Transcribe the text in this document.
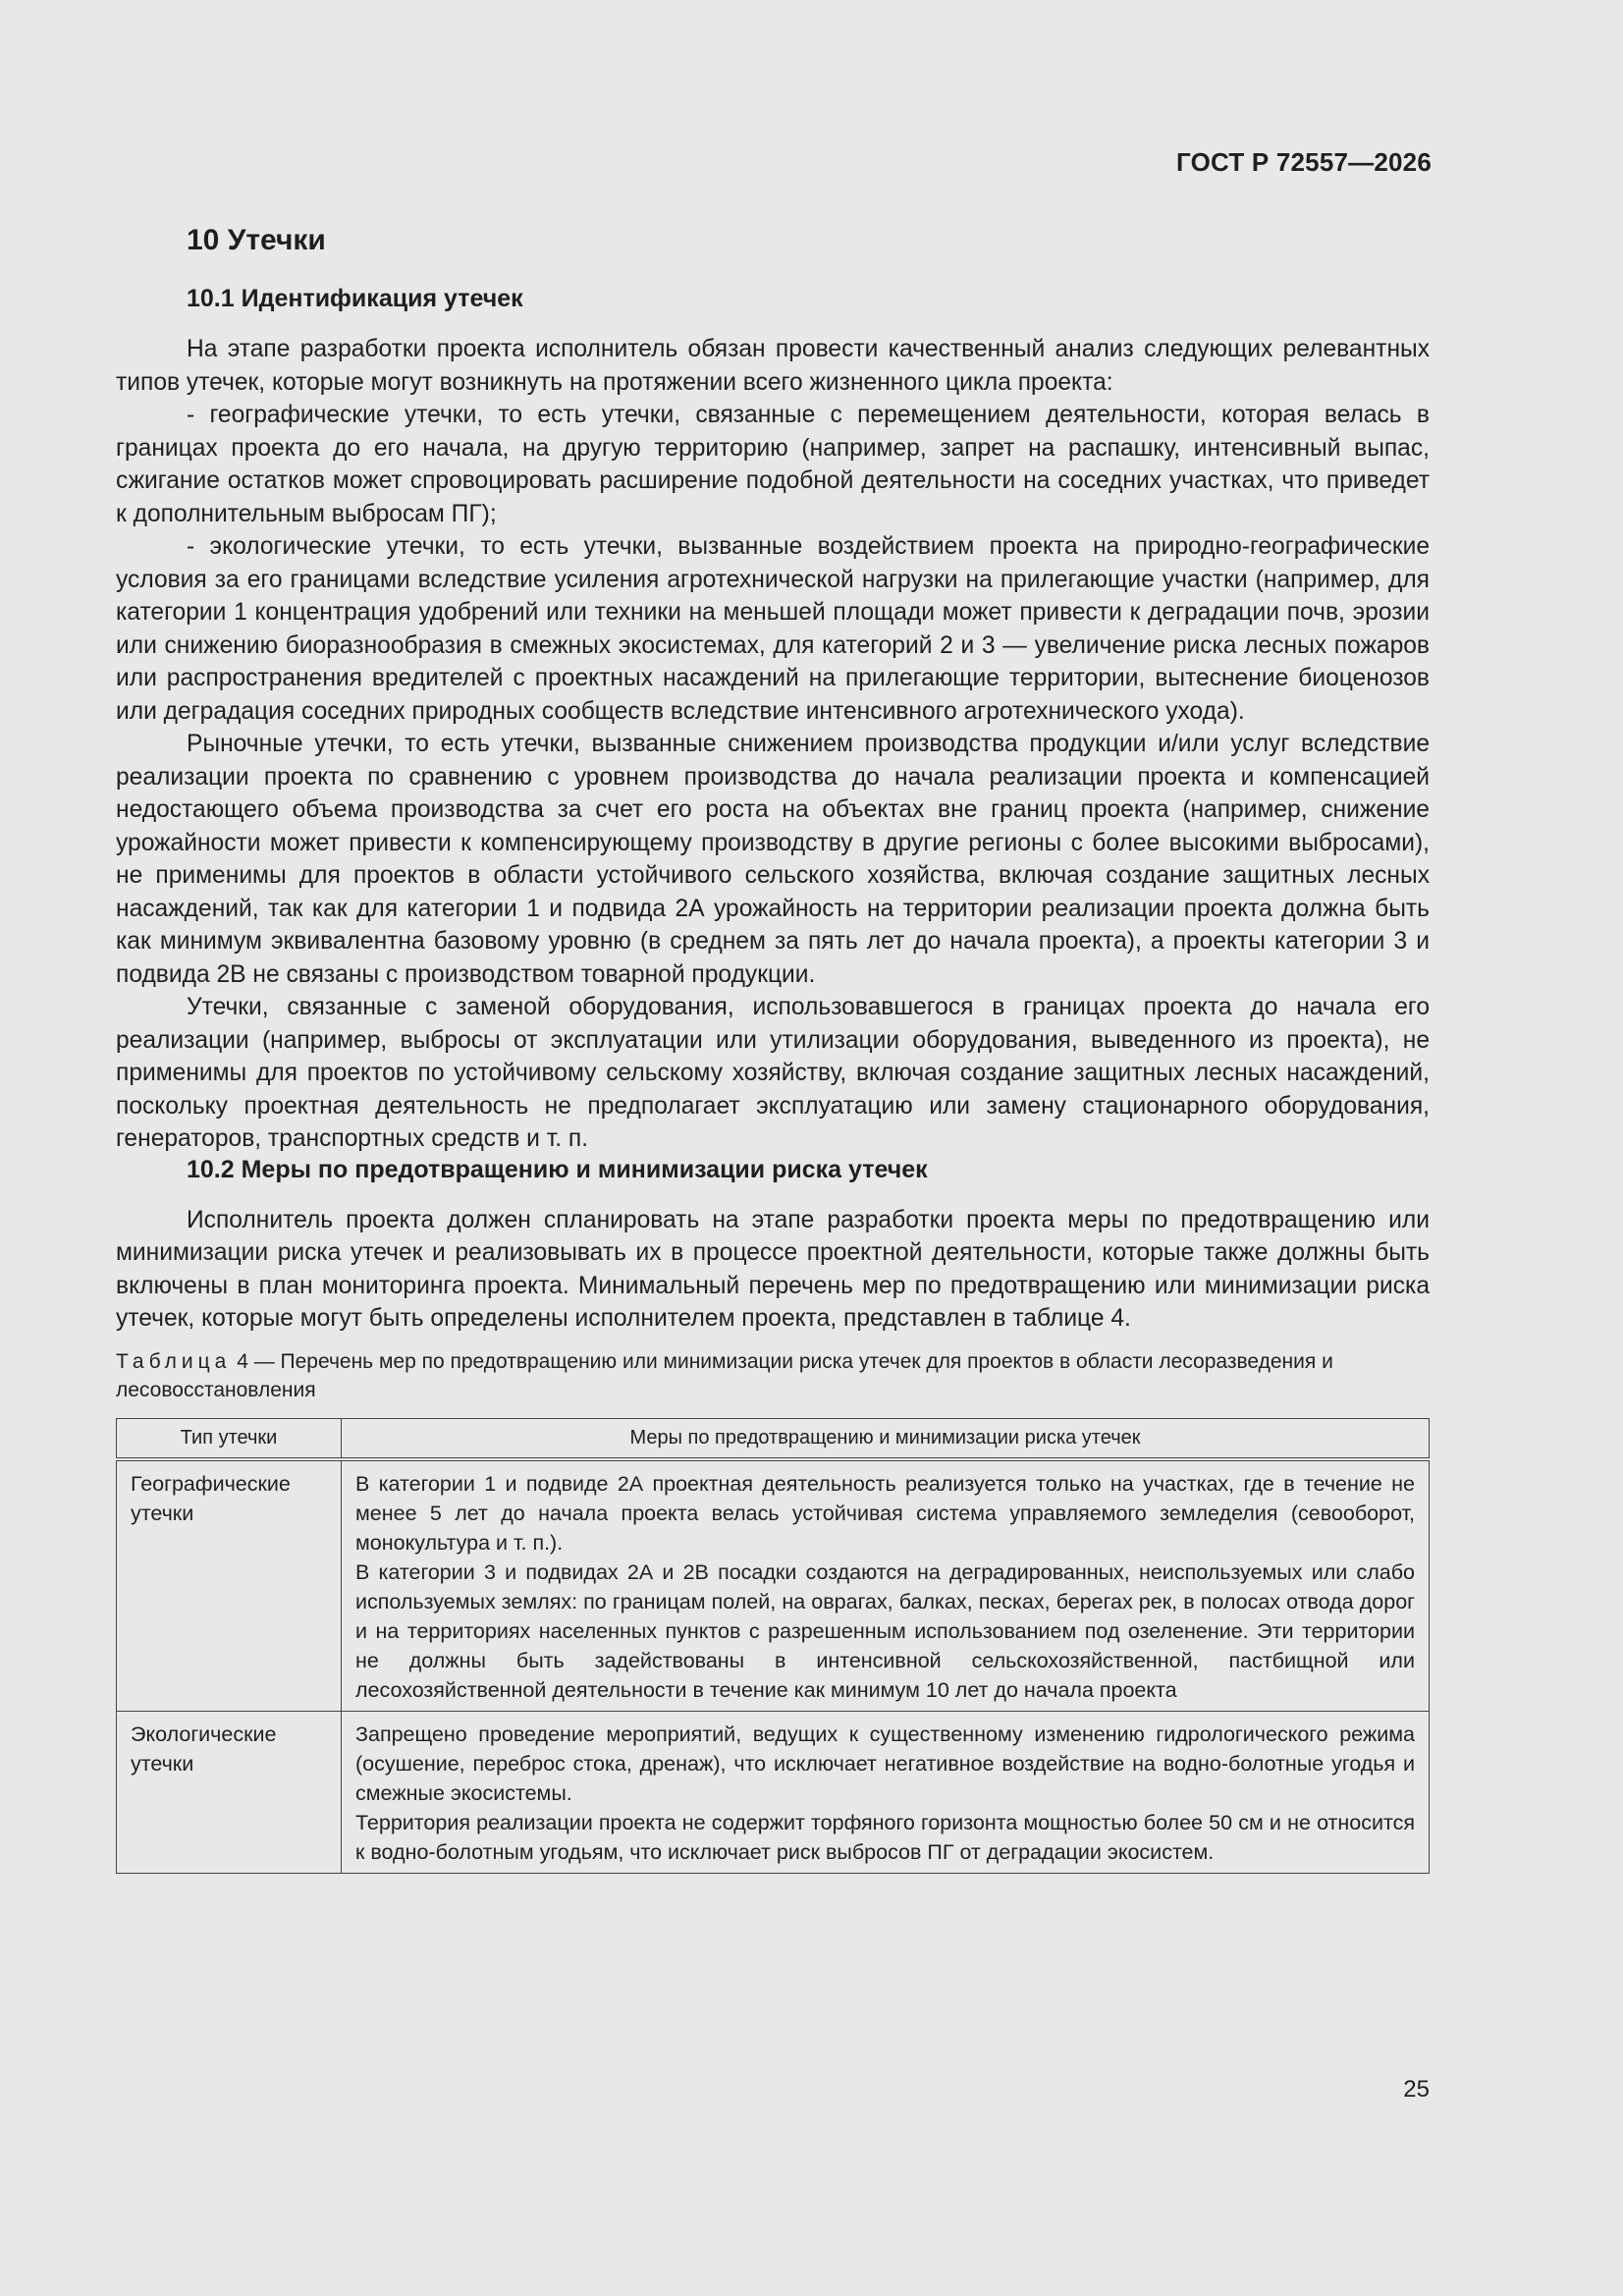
ГОСТ Р 72557—2026
10 Утечки
10.1 Идентификация утечек

На этапе разработки проекта исполнитель обязан провести качественный анализ следующих релевантных типов утечек, которые могут возникнуть на протяжении всего жизненного цикла проекта:

- географические утечки, то есть утечки, связанные с перемещением деятельности, которая велась в границах проекта до его начала, на другую территорию (например, запрет на распашку, интенсивный выпас, сжигание остатков может спровоцировать расширение подобной деятельности на соседних участках, что приведет к дополнительным выбросам ПГ);

- экологические утечки, то есть утечки, вызванные воздействием проекта на природно-географические условия за его границами вследствие усиления агротехнической нагрузки на прилегающие участки (например, для категории 1 концентрация удобрений или техники на меньшей площади может привести к деградации почв, эрозии или снижению биоразнообразия в смежных экосистемах, для категорий 2 и 3 — увеличение риска лесных пожаров или распространения вредителей с проектных насаждений на прилегающие территории, вытеснение биоценозов или деградация соседних природных сообществ вследствие интенсивного агротехнического ухода).

Рыночные утечки, то есть утечки, вызванные снижением производства продукции и/или услуг вследствие реализации проекта по сравнению с уровнем производства до начала реализации проекта и компенсацией недостающего объема производства за счет его роста на объектах вне границ проекта (например, снижение урожайности может привести к компенсирующему производству в другие регионы с более высокими выбросами), не применимы для проектов в области устойчивого сельского хозяйства, включая создание защитных лесных насаждений, так как для категории 1 и подвида 2А урожайность на территории реализации проекта должна быть как минимум эквивалентна базовому уровню (в среднем за пять лет до начала проекта), а проекты категории 3 и подвида 2В не связаны с производством товарной продукции.

Утечки, связанные с заменой оборудования, использовавшегося в границах проекта до начала его реализации (например, выбросы от эксплуатации или утилизации оборудования, выведенного из проекта), не применимы для проектов по устойчивому сельскому хозяйству, включая создание защитных лесных насаждений, поскольку проектная деятельность не предполагает эксплуатацию или замену стационарного оборудования, генераторов, транспортных средств и т. п.

10.2 Меры по предотвращению и минимизации риска утечек

Исполнитель проекта должен спланировать на этапе разработки проекта меры по предотвращению или минимизации риска утечек и реализовывать их в процессе проектной деятельности, которые также должны быть включены в план мониторинга проекта. Минимальный перечень мер по предотвращению или минимизации риска утечек, которые могут быть определены исполнителем проекта, представлен в таблице 4.

Таблица 4 — Перечень мер по предотвращению или минимизации риска утечек для проектов в области лесоразведения и лесовосстановления
Тип утечки	Меры по предотвращению и минимизации риска утечек
Географические утечки	В категории 1 и подвиде 2А проектная деятельность реализуется только на участках, где в течение не менее 5 лет до начала проекта велась устойчивая система управляемого земледелия (севооборот, монокультура и т. п.).

В категории 3 и подвидах 2А и 2В посадки создаются на деградированных, неиспользуемых или слабо используемых землях: по границам полей, на оврагах, балках, песках, берегах рек, в полосах отвода дорог и на территориях населенных пунктов с разрешенным использованием под озеленение. Эти территории не должны быть задействованы в интенсивной сельскохозяйственной, пастбищной или лесохозяйственной деятельности в течение как минимум 10 лет до начала проекта

Экологические утечки	Запрещено проведение мероприятий, ведущих к существенному изменению гидрологического режима (осушение, переброс стока, дренаж), что исключает негативное воздействие на водно-болотные угодья и смежные экосистемы.

Территория реализации проекта не содержит торфяного горизонта мощностью более 50 см и не относится к водно-болотным угодьям, что исключает риск выбросов ПГ от деградации экосистем.

25
